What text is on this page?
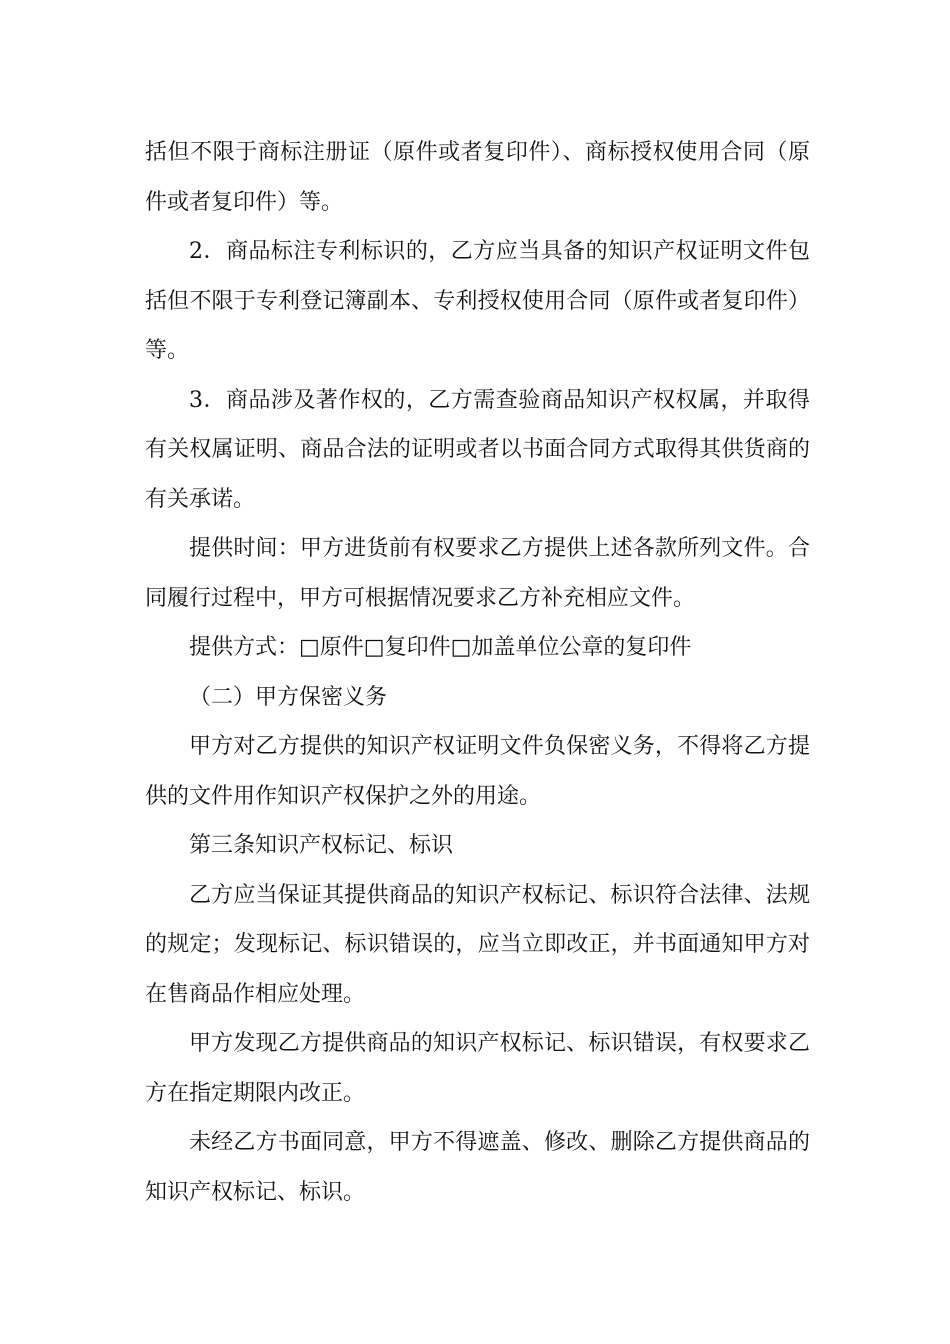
括但不限于商标注册证（原件或者复印件）、商标授权使用合同（原件或者复印件）等。

2．商品标注专利标识的，乙方应当具备的知识产权证明文件包括但不限于专利登记簿副本、专利授权使用合同（原件或者复印件）等。

3．商品涉及著作权的，乙方需查验商品知识产权权属，并取得有关权属证明、商品合法的证明或者以书面合同方式取得其供货商的有关承诺。

提供时间：甲方进货前有权要求乙方提供上述各款所列文件。合同履行过程中，甲方可根据情况要求乙方补充相应文件。

提供方式：□原件□复印件□加盖单位公章的复印件

（二）甲方保密义务

甲方对乙方提供的知识产权证明文件负保密义务，不得将乙方提供的文件用作知识产权保护之外的用途。

第三条知识产权标记、标识

乙方应当保证其提供商品的知识产权标记、标识符合法律、法规的规定；发现标记、标识错误的，应当立即改正，并书面通知甲方对在售商品作相应处理。

甲方发现乙方提供商品的知识产权标记、标识错误，有权要求乙方在指定期限内改正。

未经乙方书面同意，甲方不得遮盖、修改、删除乙方提供商品的知识产权标记、标识。
